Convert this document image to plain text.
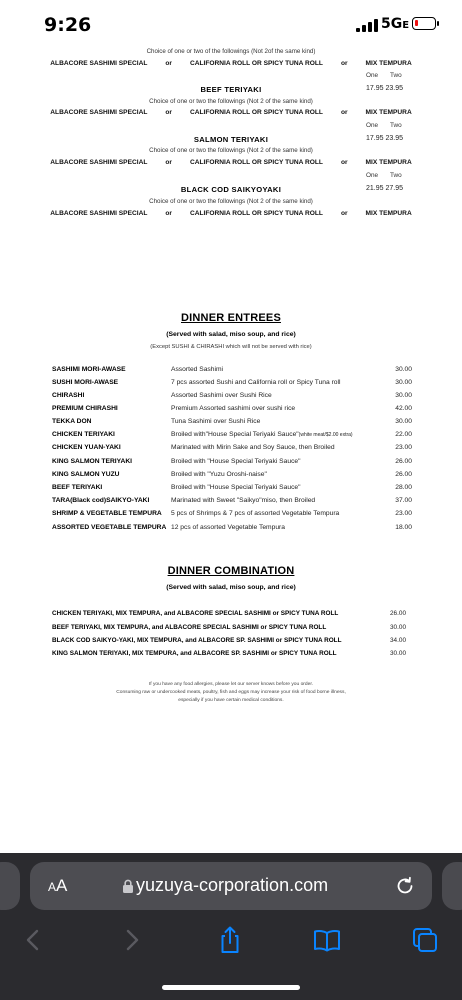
9:26	5GE
Choice of one or two of the followings (Not 2of the same kind)
ALBACORE SASHIMI SPECIAL	or	CALIFORNIA ROLL OR SPICY TUNA ROLL	or	MIX TEMPURA
One Two
BEEF TERIYAKI	17.95 23.95
Choice of one or two the followings (Not 2 of the same kind)
ALBACORE SASHIMI SPECIAL	or	CALIFORNIA ROLL OR SPICY TUNA ROLL	or	MIX TEMPURA
One Two
SALMON TERIYAKI	17.95 23.95
Choice of one or two the followings (Not 2 of the same kind)
ALBACORE SASHIMI SPECIAL	or	CALIFORNIA ROLL OR SPICY TUNA ROLL	or	MIX TEMPURA
One Two
BLACK COD SAIKYOYAKI	21.95 27.95
Choice of one or two the followings (Not 2 of the same kind)
ALBACORE SASHIMI SPECIAL	or	CALIFORNIA ROLL OR SPICY TUNA ROLL	or	MIX TEMPURA
DINNER ENTREES
(Served with salad, miso soup, and rice)
(Except SUSHI & CHIRASHI which will not be served with rice)
SASHIMI MORI-AWASE	Assorted Sashimi	30.00
SUSHI MORI-AWASE	7 pcs assorted Sushi and California roll or Spicy Tuna roll	30.00
CHIRASHI	Assorted Sashimi over Sushi Rice	30.00
PREMIUM CHIRASHI	Premium Assorted sashimi over sushi rice	42.00
TEKKA DON	Tuna Sashimi over Sushi Rice	30.00
CHICKEN TERIYAKI	Broiled with"House Special Teriyaki Sauce"(white meat/$2.00 extra)	22.00
CHICKEN YUAN-YAKI	Marinated with Mirin Sake and Soy Sauce, then Broiled	23.00
KING SALMON TERIYAKI	Broiled with "House Special Teriyaki Sauce"	26.00
KING SALMON YUZU	Broiled with "Yuzu Oroshi-naise"	26.00
BEEF TERIYAKI	Broiled with "House Special Teriyaki Sauce"	28.00
TARA(Black cod)SAIKYO-YAKI	Marinated with Sweet "Saikyo"miso, then Broiled	37.00
SHRIMP & VEGETABLE TEMPURA 5 pcs of Shrimps & 7 pcs of assorted Vegetable Tempura	23.00
ASSORTED VEGETABLE TEMPURA 12 pcs of assorted Vegetable Tempura	18.00
DINNER COMBINATION
(Served with salad, miso soup, and rice)
CHICKEN TERIYAKI, MIX TEMPURA, and ALBACORE SPECIAL SASHIMI or SPICY TUNA ROLL	26.00
BEEF TERIYAKI, MIX TEMPURA, and ALBACORE SPECIAL SASHIMI or SPICY TUNA ROLL	30.00
BLACK COD SAIKYO-YAKI, MIX TEMPURA, and ALBACORE SP. SASHIMI or SPICY TUNA ROLL	34.00
KING SALMON TERIYAKI, MIX TEMPURA, and ALBACORE SP. SASHIMI or SPICY TUNA ROLL	30.00
If you have any food allergies, please let our server knows before you order.
Consuming raw or undercooked meats, poultry, fish and eggs may increase your risk of food borne illness,
especially if you have certain medical conditions.
AA	yuzuya-corporation.com
